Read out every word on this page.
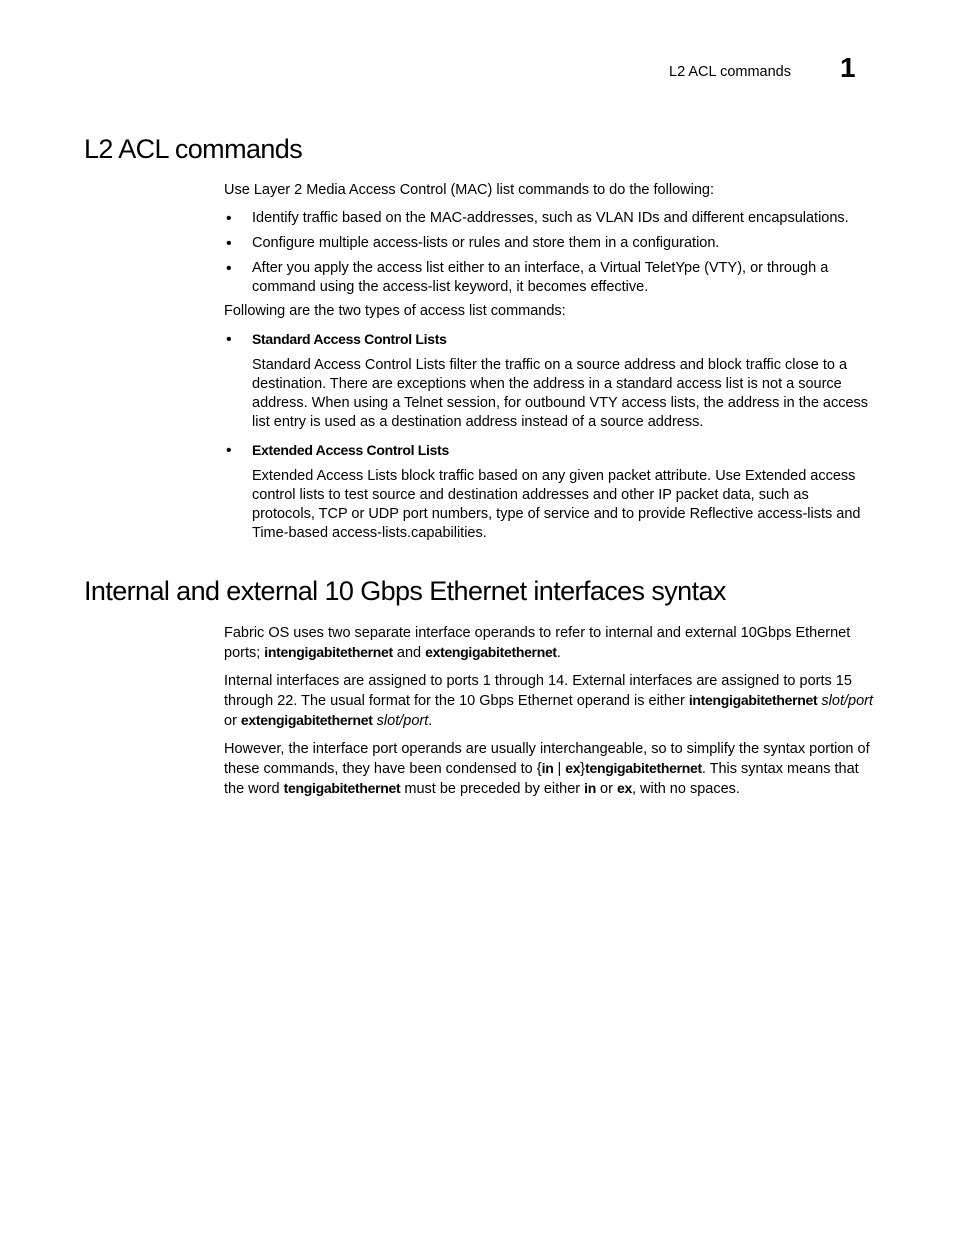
L2 ACL commands 1
L2 ACL commands

Use Layer 2 Media Access Control (MAC) list commands to do the following:

• Identify traffic based on the MAC-addresses, such as VLAN IDs and different encapsulations.
• Configure multiple access-lists or rules and store them in a configuration.
• After you apply the access list either to an interface, a Virtual TeletYpe (VTY), or through a command using the access-list keyword, it becomes effective.

Following are the two types of access list commands:

• Standard Access Control Lists

Standard Access Control Lists filter the traffic on a source address and block traffic close to a destination. There are exceptions when the address in a standard access list is not a source address. When using a Telnet session, for outbound VTY access lists, the address in the access list entry is used as a destination address instead of a source address.

• Extended Access Control Lists

Extended Access Lists block traffic based on any given packet attribute. Use Extended access control lists to test source and destination addresses and other IP packet data, such as protocols, TCP or UDP port numbers, type of service and to provide Reflective access-lists and Time-based access-lists.capabilities.

Internal and external 10 Gbps Ethernet interfaces syntax

Fabric OS uses two separate interface operands to refer to internal and external 10Gbps Ethernet ports; intengigabitethernet and extengigabitethernet.

Internal interfaces are assigned to ports 1 through 14. External interfaces are assigned to ports 15 through 22. The usual format for the 10 Gbps Ethernet operand is either intengigabitethernet slot/port or extengigabitethernet slot/port.

However, the interface port operands are usually interchangeable, so to simplify the syntax portion of these commands, they have been condensed to {in | ex}tengigabitethernet. This syntax means that the word tengigabitethernet must be preceded by either in or ex, with no spaces.
